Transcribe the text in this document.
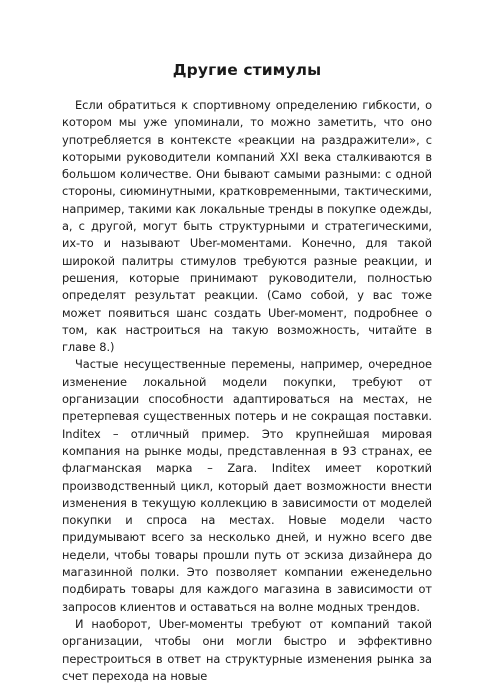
Другие стимулы

Если обратиться к спортивному определению гибкости, о котором мы уже упоминали, то можно заметить, что оно употребляется в контексте «реакции на раздражители», с которыми руководители компаний XXI века сталкиваются в большом количестве. Они бывают самыми разными: с одной стороны, сиюминутными, кратковременными, тактическими, например, такими как локальные тренды в покупке одежды, а, с другой, могут быть структурными и стратегическими, их-то и называют Uber-моментами. Конечно, для такой широкой палитры стимулов требуются разные реакции, и решения, которые принимают руководители, полностью определят результат реакции. (Само собой, у вас тоже может появиться шанс создать Uber-момент, подробнее о том, как настроиться на такую возможность, читайте в главе 8.)

Частые несущественные перемены, например, очередное изменение локальной модели покупки, требуют от организации способности адаптироваться на местах, не претерпевая существенных потерь и не сокращая поставки. Inditex – отличный пример. Это крупнейшая мировая компания на рынке моды, представленная в 93 странах, ее флагманская марка – Zara. Inditex имеет короткий производственный цикл, который дает возможности внести изменения в текущую коллекцию в зависимости от моделей покупки и спроса на местах. Новые модели часто придумывают всего за несколько дней, и нужно всего две недели, чтобы товары прошли путь от эскиза дизайнера до магазинной полки. Это позволяет компании еженедельно подбирать товары для каждого магазина в зависимости от запросов клиентов и оставаться на волне модных трендов.

И наоборот, Uber-моменты требуют от компаний такой организации, чтобы они могли быстро и эффективно перестроиться в ответ на структурные изменения рынка за счет перехода на новые
